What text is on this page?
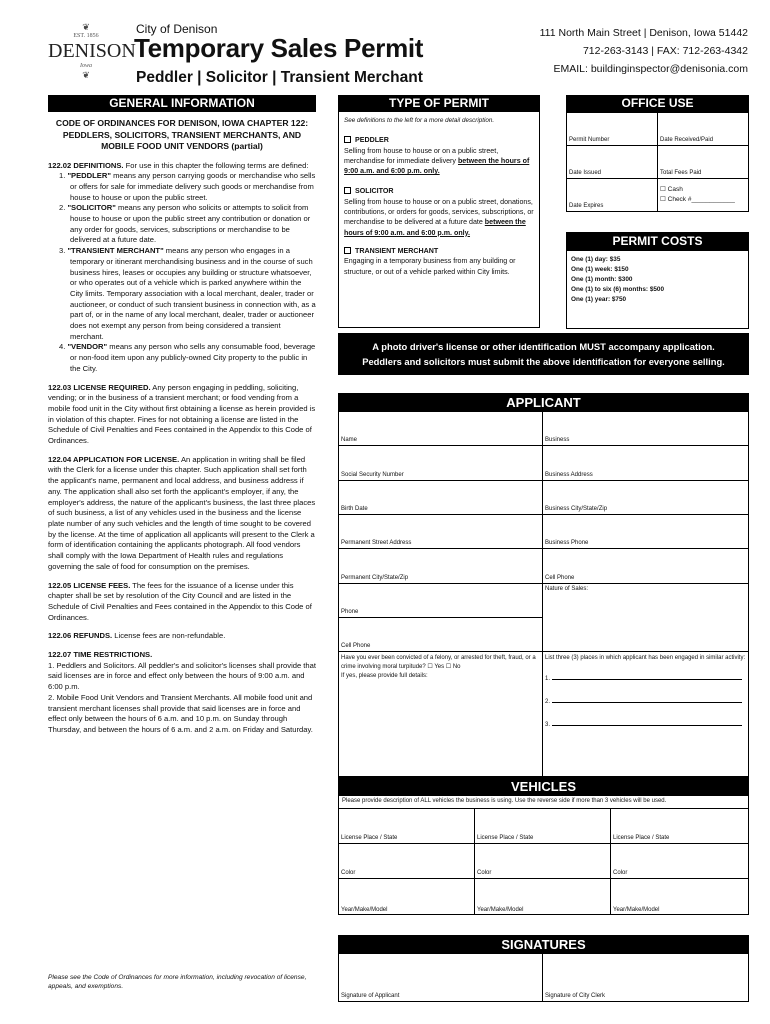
❦
EST. 1856
DENISON
Iowa
❦
City of Denison
Temporary Sales Permit
Peddler | Solicitor | Transient Merchant
111 North Main Street | Denison, Iowa 51442
712-263-3143 | FAX: 712-263-4342
EMAIL: buildinginspector@denisonia.com
GENERAL INFORMATION
CODE OF ORDINANCES FOR DENISON, IOWA CHAPTER 122: PEDDLERS, SOLICITORS, TRANSIENT MERCHANTS, AND MOBILE FOOD UNIT VENDORS (partial)

122.02 DEFINITIONS. For use in this chapter the following terms are defined:

1. "PEDDLER" means any person carrying goods or merchandise who sells or offers for sale for immediate delivery such goods or merchandise from house to house or upon the public street.
2. "SOLICITOR" means any person who solicits or attempts to solicit from house to house or upon the public street any contribution or donation or any order for goods, services, subscriptions or merchandise to be delivered at a future date.
3. "TRANSIENT MERCHANT" means any person who engages in a temporary or itinerant merchandising business and in the course of such business hires, leases or occupies any building or structure whatsoever, or who operates out of a vehicle which is parked anywhere within the City limits. Temporary association with a local merchant, dealer, trader or auctioneer, or conduct of such transient business in connection with, as a part of, or in the name of any local merchant, dealer, trader or auctioneer does not exempt any person from being considered a transient merchant.
4. "VENDOR" means any person who sells any consumable food, beverage or non-food item upon any publicly-owned City property to the public in the City.

122.03 LICENSE REQUIRED. Any person engaging in peddling, soliciting, vending; or in the business of a transient merchant; or food vending from a mobile food unit in the City without first obtaining a license as herein provided is in violation of this chapter. Fines for not obtaining a license are listed in the Schedule of Civil Penalties and Fees contained in the Appendix to this Code of Ordinances.

122.04 APPLICATION FOR LICENSE. An application in writing shall be filed with the Clerk for a license under this chapter. Such application shall set forth the applicant's name, permanent and local address, and business address if any. The application shall also set forth the applicant's employer, if any, the employer's address, the nature of the applicant's business, the last three places of such business, a list of any vehicles used in the business and the license plate number of any such vehicles and the length of time sought to be covered by the license. At the time of application all applicants will present to the Clerk a form of identification containing the applicants photograph. All food vendors shall comply with the Iowa Department of Health rules and regulations governing the sale of food for consumption on the premises.

122.05 LICENSE FEES. The fees for the issuance of a license under this chapter shall be set by resolution of the City Council and are listed in the Schedule of Civil Penalties and Fees contained in the Appendix to this Code of Ordinances.

122.06 REFUNDS. License fees are non-refundable.

122.07 TIME RESTRICTIONS.

1. Peddlers and Solicitors. All peddler's and solicitor's licenses shall provide that said licenses are in force and effect only between the hours of 9:00 a.m. and 6:00 p.m.
2. Mobile Food Unit Vendors and Transient Merchants. All mobile food unit and transient merchant licenses shall provide that said licenses are in force and effect only between the hours of 6 a.m. and 10 p.m. on Sunday through Thursday, and between the hours of 6 a.m. and 2 a.m. on Friday and Saturday.
Please see the Code of Ordinances for more information, including revocation of license, appeals, and exemptions.
TYPE OF PERMIT
See definitions to the left for a more detail description.
PEDDLER
Selling from house to house or on a public street, merchandise for immediate delivery between the hours of 9:00 a.m. and 6:00 p.m. only.
SOLICITOR
Selling from house to house or on a public street, donations, contributions, or orders for goods, services, subscriptions, or merchandise to be delivered at a future date between the hours of 9:00 a.m. and 6:00 p.m. only.
TRANSIENT MERCHANT
Engaging in a temporary business from any building or structure, or out of a vehicle parked within City limits.
OFFICE USE
Permit Number	Date Received/Paid
Date Issued	Total Fees Paid
Date Expires	☐ Cash
☐ Check #____________
PERMIT COSTS
One (1) day: $35
One (1) week: $150
One (1) month: $300
One (1) to six (6) months: $500
One (1) year: $750
A photo driver's license or other identification MUST accompany application.
Peddlers and solicitors must submit the above identification for everyone selling.
APPLICANT
Name	Business
Social Security Number	Business Address
Birth Date	Business City/State/Zip
Permanent Street Address	Business Phone
Permanent City/State/Zip	Cell Phone
Phone
Nature of Sales:
Cell Phone
Have you ever been convicted of a felony, or arrested for theft, fraud, or a crime involving moral turpitude? ☐ Yes ☐ No
If yes, please provide full details:
List three (3) places in which applicant has been engaged in similar activity:
1.
2.
3.
VEHICLES
Please provide description of ALL vehicles the business is using. Use the reverse side if more than 3 vehicles will be used.
License Place / State	License Place / State	License Place / State
Color	Color	Color
Year/Make/Model	Year/Make/Model	Year/Make/Model
SIGNATURES
Signature of Applicant	Signature of City Clerk
